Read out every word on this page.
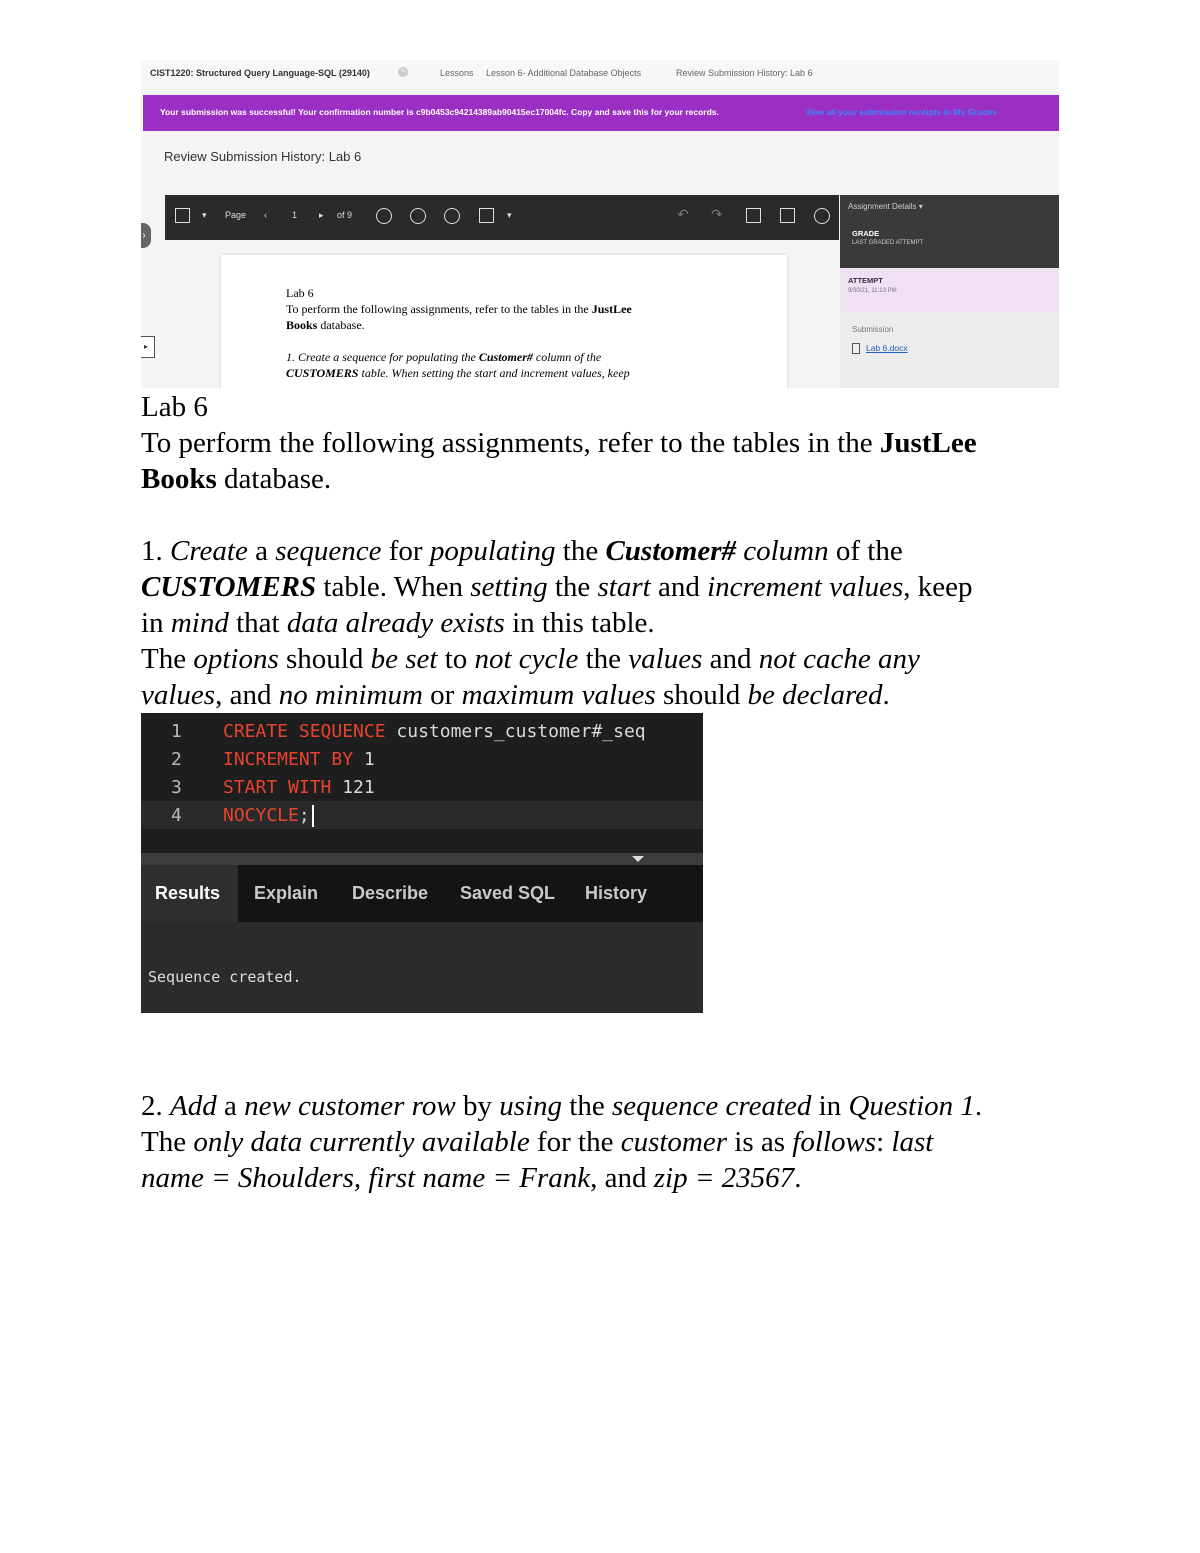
CIST1220: Structured Query Language-SQL (29140)	×	Lessons Lesson 6- Additional Database Objects	Review Submission History: Lab 6
Your submission was successful! Your confirmation number is c9b0453c94214389ab90415ec17004fc. Copy and save this for your records.	View all your submission receipts in My Grades
Review Submission History: Lab 6
›
▸
▾ Page ‹	1 ▸ of 9	▾	↶ ↷
Lab 6
To perform the following assignments, refer to the tables in the JustLee
Books database.
1. Create a sequence for populating the Customer# column of the
CUSTOMERS table. When setting the start and increment values, keep
Assignment Details ▾
GRADE
LAST GRADED ATTEMPT
ATTEMPT
9/30/21, 11:13 PM
Submission
Lab 6.docx
Lab 6
To perform the following assignments, refer to the tables in the JustLee
Books database.
1. Create a sequence for populating the Customer# column of the
CUSTOMERS table. When setting the start and increment values, keep
in mind that data already exists in this table.
The options should be set to not cycle the values and not cache any
values, and no minimum or maximum values should be declared.
1 CREATE SEQUENCE customers_customer#_seq
2 INCREMENT BY 1
3 START WITH 121
4 NOCYCLE;
Results	Explain Describe Saved SQL History
Sequence created.
2. Add a new customer row by using the sequence created in Question 1.
The only data currently available for the customer is as follows: last
name = Shoulders, first name = Frank, and zip = 23567.
